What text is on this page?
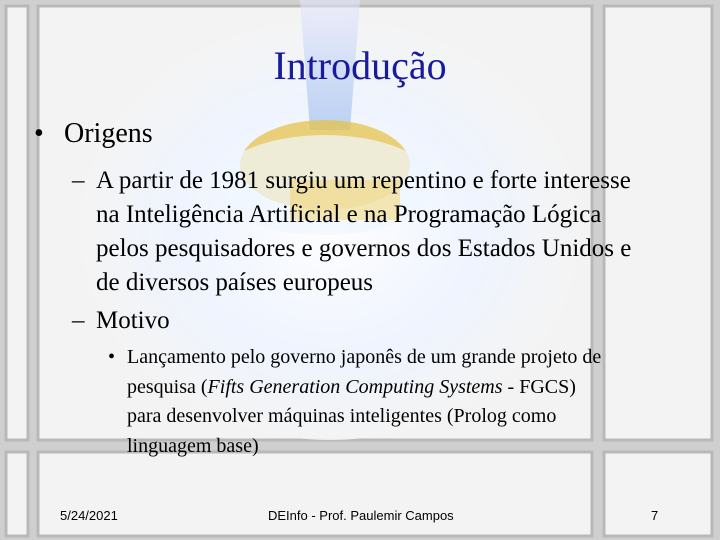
Introdução
• Origens
– A partir de 1981 surgiu um repentino e forte interesse
na Inteligência Artificial e na Programação Lógica
pelos pesquisadores e governos dos Estados Unidos e
de diversos países europeus
– Motivo
• Lançamento pelo governo japonês de um grande projeto de
pesquisa (Fifts Generation Computing Systems - FGCS)
para desenvolver máquinas inteligentes (Prolog como
linguagem base)
5/24/2021	DEInfo - Prof. Paulemir Campos	7
